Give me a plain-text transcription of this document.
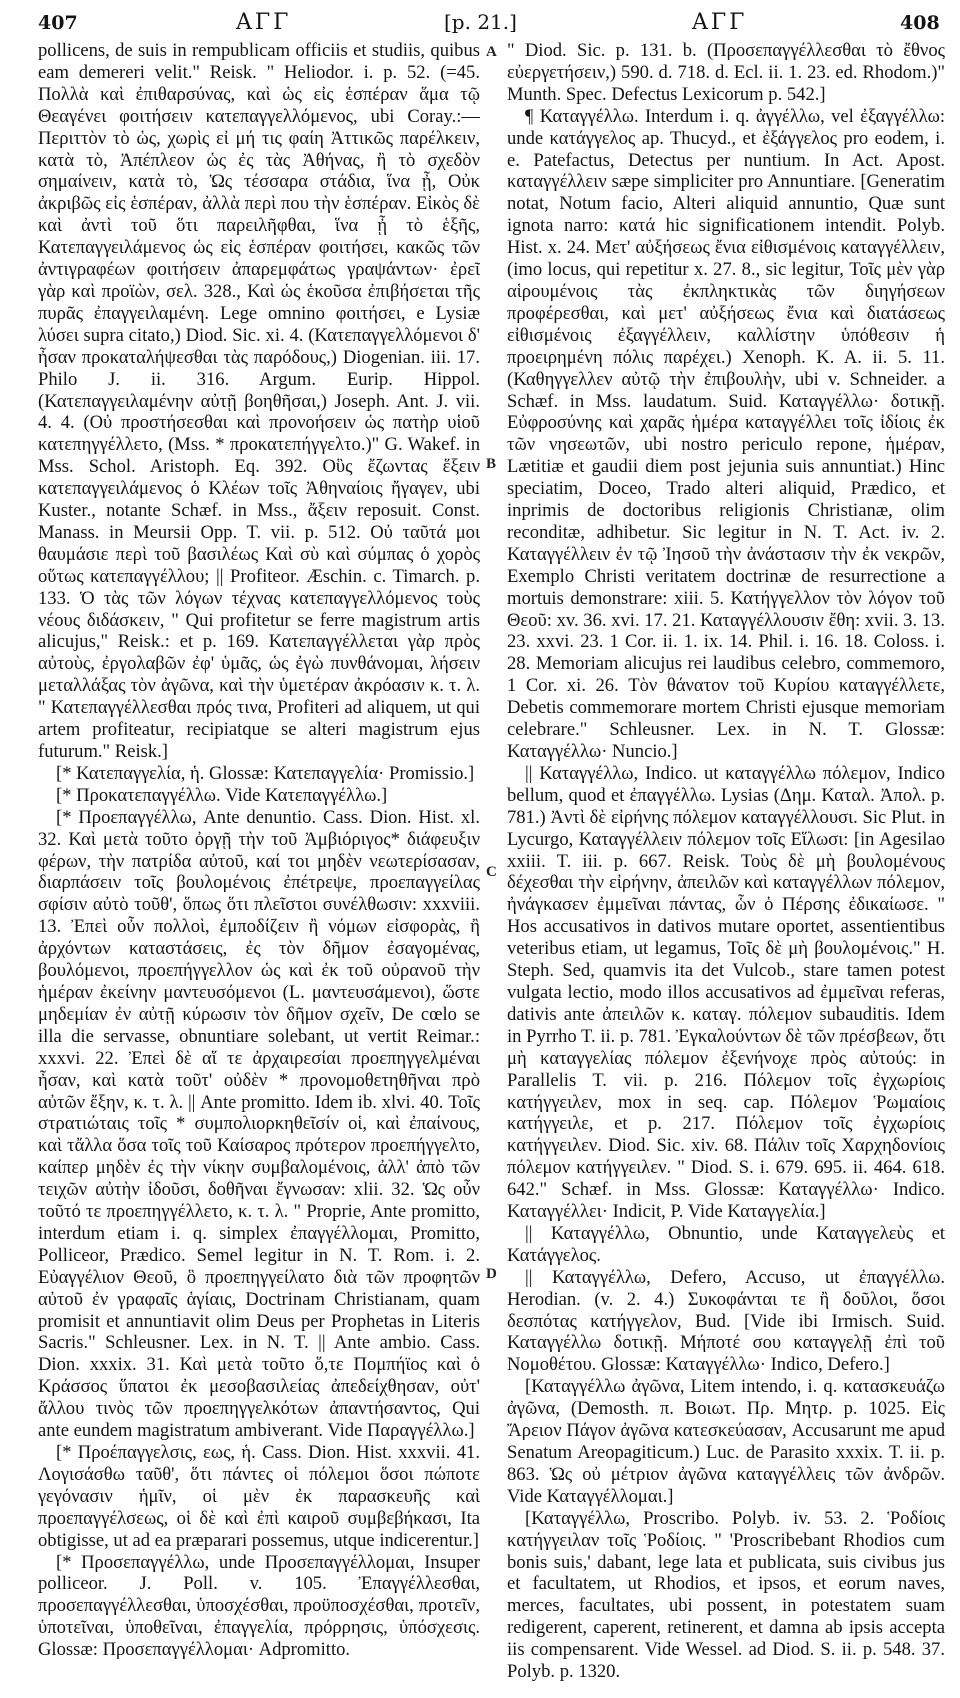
407	ΑΓΓ	[p. 21.]	ΑΓΓ	408

pollicens, de suis in rempublicam officiis et studiis, quibus eam demereri velit." Reisk. " Heliodor. i. p. 52. (=45. Πολλὰ καὶ ἐπιθαρσύνας, καὶ ὡς εἰς ἑσπέραν ἅμα τῷ Θεαγένει φοιτήσειν κατεπαγγελλόμενος, ubi Coray.:—Περιττὸν τὸ ὡς, χωρὶς εἰ μή τις φαίη Ἀττικῶς παρέλκειν, κατὰ τὸ, Ἀπέπλεον ὡς ἐς τὰς Ἀθήνας, ἢ τὸ σχεδὸν σημαίνειν, κατὰ τὸ, Ὡς τέσσαρα στάδια, ἵνα ᾖ, Οὐκ ἀκριβῶς εἰς ἑσπέραν, ἀλλὰ περὶ που τὴν ἑσπέραν. Εἰκὸς δὲ καὶ ἀντὶ τοῦ ὅτι παρειλῆφθαι, ἵνα ᾖ τὸ ἑξῆς, Κατεπαγγειλάμενος ὡς εἰς ἑσπέραν φοιτήσει, κακῶς τῶν ἀντιγραφέων φοιτήσειν ἀπαρεμφάτως γραψάντων· ἐρεῖ γὰρ καὶ προϊὼν, σελ. 328., Καὶ ὡς ἑκοῦσα ἐπιβήσεται τῆς πυρᾶς ἐπαγγειλαμένη. Lege omnino φοιτήσει, e Lysiæ λύσει supra citato,) Diod. Sic. xi. 4. (Κατεπαγγελλόμενοι δ' ἦσαν προκαταλήψεσθαι τὰς παρόδους,) Diogenian. iii. 17. Philo J. ii. 316. Argum. Eurip. Hippol. (Κατεπαγγειλαμένην αὐτῇ βοηθῆσαι,) Joseph. Ant. J. vii. 4. 4. (Οὐ προστήσεσθαι καὶ προνοήσειν ὡς πατὴρ υἱοῦ κατεπηγγέλλετο, (Mss. * προκατεπήγγελτο.)" G. Wakef. in Mss. Schol. Aristoph. Eq. 392. Οὓς ἔζωντας ἕξειν κατεπαγγειλάμενος ὁ Κλέων τοῖς Ἀθηναίοις ἤγαγεν, ubi Kuster., notante Schæf. in Mss., ἄξειν reposuit. Const. Manass. in Meursii Opp. T. vii. p. 512. Οὐ ταῦτά μοι θαυμάσιε περὶ τοῦ βασιλέως Καὶ σὺ καὶ σύμπας ὁ χορὸς οὕτως κατεπαγγέλλου; || Profiteor. Æschin. c. Timarch. p. 133. Ὁ τὰς τῶν λόγων τέχνας κατεπαγγελλόμενος τοὺς νέους διδάσκειν, " Qui profitetur se ferre magistrum artis alicujus," Reisk.: et p. 169. Κατεπαγγέλλεται γὰρ πρὸς αὐτοὺς, ἐργολαβῶν ἐφ' ὑμᾶς, ὡς ἐγὼ πυνθάνομαι, λήσειν μεταλλάξας τὸν ἀγῶνα, καὶ τὴν ὑμετέραν ἀκρόασιν κ. τ. λ. " Κατεπαγγέλλεσθαι πρός τινα, Profiteri ad aliquem, ut qui artem profiteatur, recipiatque se alteri magistrum ejus futurum." Reisk.]

[* Κατεπαγγελία, ἡ. Glossæ: Κατεπαγγελία· Promissio.]

[* Προκατεπαγγέλλω. Vide Κατεπαγγέλλω.]

[* Προεπαγγέλλω, Ante denuntio. Cass. Dion. Hist. xl. 32. Καὶ μετὰ τοῦτο ὀργῇ τὴν τοῦ Ἀμβιόριγος* διάφευξιν φέρων, τὴν πατρίδα αὐτοῦ, καί τοι μηδὲν νεωτερίσασαν, διαρπάσειν τοῖς βουλομένοις ἐπέτρεψε, προεπαγγείλας σφίσιν αὐτὸ τοῦθ', ὅπως ὅτι πλεῖστοι συνέλθωσιν: xxxviii. 13. Ἐπεὶ οὖν πολλοὶ, ἐμποδίζειν ἢ νόμων εἰσφορὰς, ἢ ἀρχόντων καταστάσεις, ἐς τὸν δῆμον ἐσαγομένας, βουλόμενοι, προεπήγγελλον ὡς καὶ ἐκ τοῦ οὐρανοῦ τὴν ἡμέραν ἐκείνην μαντευσόμενοι (L. μαντευσάμενοι), ὥστε μηδεμίαν ἐν αὐτῇ κύρωσιν τὸν δῆμον σχεῖν, De cœlo se illa die servasse, obnuntiare solebant, ut vertit Reimar.: xxxvi. 22. Ἐπεὶ δὲ αἵ τε ἀρχαιρεσίαι προεπηγγελμέναι ἦσαν, καὶ κατὰ τοῦτ' οὐδὲν * προνομοθετηθῆναι πρὸ αὐτῶν ἔξην, κ. τ. λ. || Ante promitto. Idem ib. xlvi. 40. Τοῖς στρατιώταις τοῖς * συμπολιορκηθεῖσίν οἱ, καὶ ἐπαίνους, καὶ τἄλλα ὅσα τοῖς τοῦ Καίσαρος πρότερον προεπήγγελτο, καίπερ μηδὲν ἐς τὴν νίκην συμβαλομένοις, ἀλλ' ἀπὸ τῶν τειχῶν αὐτὴν ἰδοῦσι, δοθῆναι ἔγνωσαν: xlii. 32. Ὡς οὖν τοῦτό τε προεπηγγέλλετο, κ. τ. λ. " Proprie, Ante promitto, interdum etiam i. q. simplex ἐπαγγέλλομαι, Promitto, Polliceor, Prædico. Semel legitur in N. T. Rom. i. 2. Εὐαγγέλιον Θεοῦ, ὃ προεπηγγείλατο διὰ τῶν προφητῶν αὐτοῦ ἐν γραφαῖς ἁγίαις, Doctrinam Christianam, quam promisit et annuntiavit olim Deus per Prophetas in Literis Sacris." Schleusner. Lex. in N. T. || Ante ambio. Cass. Dion. xxxix. 31. Καὶ μετὰ τοῦτο ὅ,τε Πομπήϊος καὶ ὁ Κράσσος ὕπατοι ἐκ μεσοβασιλείας ἀπεδείχθησαν, οὐτ' ἄλλου τινὸς τῶν προεπηγγελκότων ἀπαντήσαντος, Qui ante eundem magistratum ambiverant. Vide Παραγγέλλω.]

[* Προέπαγγελσις, εως, ἡ. Cass. Dion. Hist. xxxvii. 41. Λογισάσθω ταῦθ', ὅτι πάντες οἱ πόλεμοι ὅσοι πώποτε γεγόνασιν ἡμῖν, οἱ μὲν ἐκ παρασκευῆς καὶ προεπαγγέλσεως, οἱ δὲ καὶ ἐπὶ καιροῦ συμβεβήκασι, Ita obtigisse, ut ad ea præparari possemus, utque indicerentur.]

[* Προσεπαγγέλλω, unde Προσεπαγγέλλομαι, Insuper polliceor. J. Poll. v. 105. Ἐπαγγέλλεσθαι, προσεπαγγέλλεσθαι, ὑποσχέσθαι, προϋποσχέσθαι, προτεῖν, ὑποτεῖναι, ὑποθεῖναι, ἐπαγγελία, πρόρρησις, ὑπόσχεσις. Glossæ: Προσεπαγγέλλομαι· Adpromitto.

A
B
C
D

" Diod. Sic. p. 131. b. (Προσεπαγγέλλεσθαι τὸ ἔθνος εὐεργετήσειν,) 590. d. 718. d. Ecl. ii. 1. 23. ed. Rhodom.)" Munth. Spec. Defectus Lexicorum p. 542.]

¶ Καταγγέλλω. Interdum i. q. ἀγγέλλω, vel ἐξαγγέλλω: unde κατάγγελος ap. Thucyd., et ἐξάγγελος pro eodem, i. e. Patefactus, Detectus per nuntium. In Act. Apost. καταγγέλλειν sæpe simpliciter pro Annuntiare. [Generatim notat, Notum facio, Alteri aliquid annuntio, Quæ sunt ignota narro: κατά hic significationem intendit. Polyb. Hist. x. 24. Μετ' αὐξήσεως ἔνια εἰθισμένοις καταγγέλλειν, (imo locus, qui repetitur x. 27. 8., sic legitur, Τοῖς μὲν γὰρ αἱρουμένοις τὰς ἐκπληκτικὰς τῶν διηγήσεων προφέρεσθαι, καὶ μετ' αὐξήσεως ἔνια καὶ διατάσεως εἰθισμένοις ἐξαγγέλλειν, καλλίστην ὑπόθεσιν ἡ προειρημένη πόλις παρέχει.) Xenoph. K. A. ii. 5. 11. (Καθηγγελλεν αὐτῷ τὴν ἐπιβουλὴν, ubi v. Schneider. a Schæf. in Mss. laudatum. Suid. Καταγγέλλω· δοτικῇ. Εὐφροσύνης καὶ χαρᾶς ἡμέρα καταγγέλλει τοῖς ἰδίοις ἐκ τῶν νησεωτῶν, ubi nostro periculo repone, ἡμέραν, Lætitiæ et gaudii diem post jejunia suis annuntiat.) Hinc speciatim, Doceo, Trado alteri aliquid, Prædico, et inprimis de doctoribus religionis Christianæ, olim reconditæ, adhibetur. Sic legitur in N. T. Act. iv. 2. Καταγγέλλειν ἐν τῷ Ἰησοῦ τὴν ἀνάστασιν τὴν ἐκ νεκρῶν, Exemplo Christi veritatem doctrinæ de resurrectione a mortuis demonstrare: xiii. 5. Κατήγγελλον τὸν λόγον τοῦ Θεοῦ: xv. 36. xvi. 17. 21. Καταγγέλλουσιν ἔθη: xvii. 3. 13. 23. xxvi. 23. 1 Cor. ii. 1. ix. 14. Phil. i. 16. 18. Coloss. i. 28. Memoriam alicujus rei laudibus celebro, commemoro, 1 Cor. xi. 26. Τὸν θάνατον τοῦ Κυρίου καταγγέλλετε, Debetis commemorare mortem Christi ejusque memoriam celebrare." Schleusner. Lex. in N. T. Glossæ: Καταγγέλλω· Nuncio.]

|| Καταγγέλλω, Indico. ut καταγγέλλω πόλεμον, Indico bellum, quod et ἐπαγγέλλω. Lysias (Δημ. Καταλ. Ἀπολ. p. 781.) Ἀντὶ δὲ εἰρήνης πόλεμον καταγγέλλουσι. Sic Plut. in Lycurgo, Καταγγέλλειν πόλεμον τοῖς Εἵλωσι: [in Agesilao xxiii. T. iii. p. 667. Reisk. Τοὺς δὲ μὴ βουλομένους δέχεσθαι τὴν εἰρήνην, ἀπειλῶν καὶ καταγγέλλων πόλεμον, ἠνάγκασεν ἐμμεῖναι πάντας, ὧν ὁ Πέρσης ἐδικαίωσε. " Hos accusativos in dativos mutare oportet, assentientibus veteribus etiam, ut legamus, Τοῖς δὲ μὴ βουλομένοις." H. Steph. Sed, quamvis ita det Vulcob., stare tamen potest vulgata lectio, modo illos accusativos ad ἐμμεῖναι referas, dativis ante ἀπειλῶν κ. καταγ. πόλεμον subauditis. Idem in Pyrrho T. ii. p. 781. Ἐγκαλούντων δὲ τῶν πρέσβεων, ὅτι μὴ καταγγελίας πόλεμον ἐξενήνοχε πρὸς αὐτούς: in Parallelis T. vii. p. 216. Πόλεμον τοῖς ἐγχωρίοις κατήγγειλεν, mox in seq. cap. Πόλεμον Ῥωμαίοις κατήγγειλε, et p. 217. Πόλεμον τοῖς ἐγχωρίοις κατήγγειλεν. Diod. Sic. xiv. 68. Πάλιν τοῖς Χαρχηδονίοις πόλεμον κατήγγειλεν. " Diod. S. i. 679. 695. ii. 464. 618. 642." Schæf. in Mss. Glossæ: Καταγγέλλω· Indico. Καταγγέλλει· Indicit, P. Vide Καταγγελία.]

|| Καταγγέλλω, Obnuntio, unde Καταγγελεὺς et Κατάγγελος.

|| Καταγγέλλω, Defero, Accuso, ut ἐπαγγέλλω. Herodian. (v. 2. 4.) Συκοφάνται τε ἢ δοῦλοι, ὅσοι δεσπότας κατήγγελον, Bud. [Vide ibi Irmisch. Suid. Καταγγέλλω δοτικῇ. Μήποτέ σου καταγγελῇ ἐπὶ τοῦ Νομοθέτου. Glossæ: Καταγγέλλω· Indico, Defero.]

[Καταγγέλλω ἀγῶνα, Litem intendo, i. q. κατασκευάζω ἀγῶνα, (Demosth. π. Βοιωτ. Πρ. Μητρ. p. 1025. Εἰς Ἄρειον Πάγον ἀγῶνα κατεσκεύασαν, Accusarunt me apud Senatum Areopagiticum.) Luc. de Parasito xxxix. T. ii. p. 863. Ὡς οὐ μέτριον ἀγῶνα καταγγέλλεις τῶν ἀνδρῶν. Vide Καταγγέλλομαι.]

[Καταγγέλλω, Proscribo. Polyb. iv. 53. 2. Ῥοδίοις κατήγγειλαν τοῖς Ῥοδίοις. " 'Proscribebant Rhodios cum bonis suis,' dabant, lege lata et publicata, suis civibus jus et facultatem, ut Rhodios, et ipsos, et eorum naves, merces, facultates, ubi possent, in potestatem suam redigerent, caperent, retinerent, et damna ab ipsis accepta iis compensarent. Vide Wessel. ad Diod. S. ii. p. 548. 37. Polyb. p. 1320.
